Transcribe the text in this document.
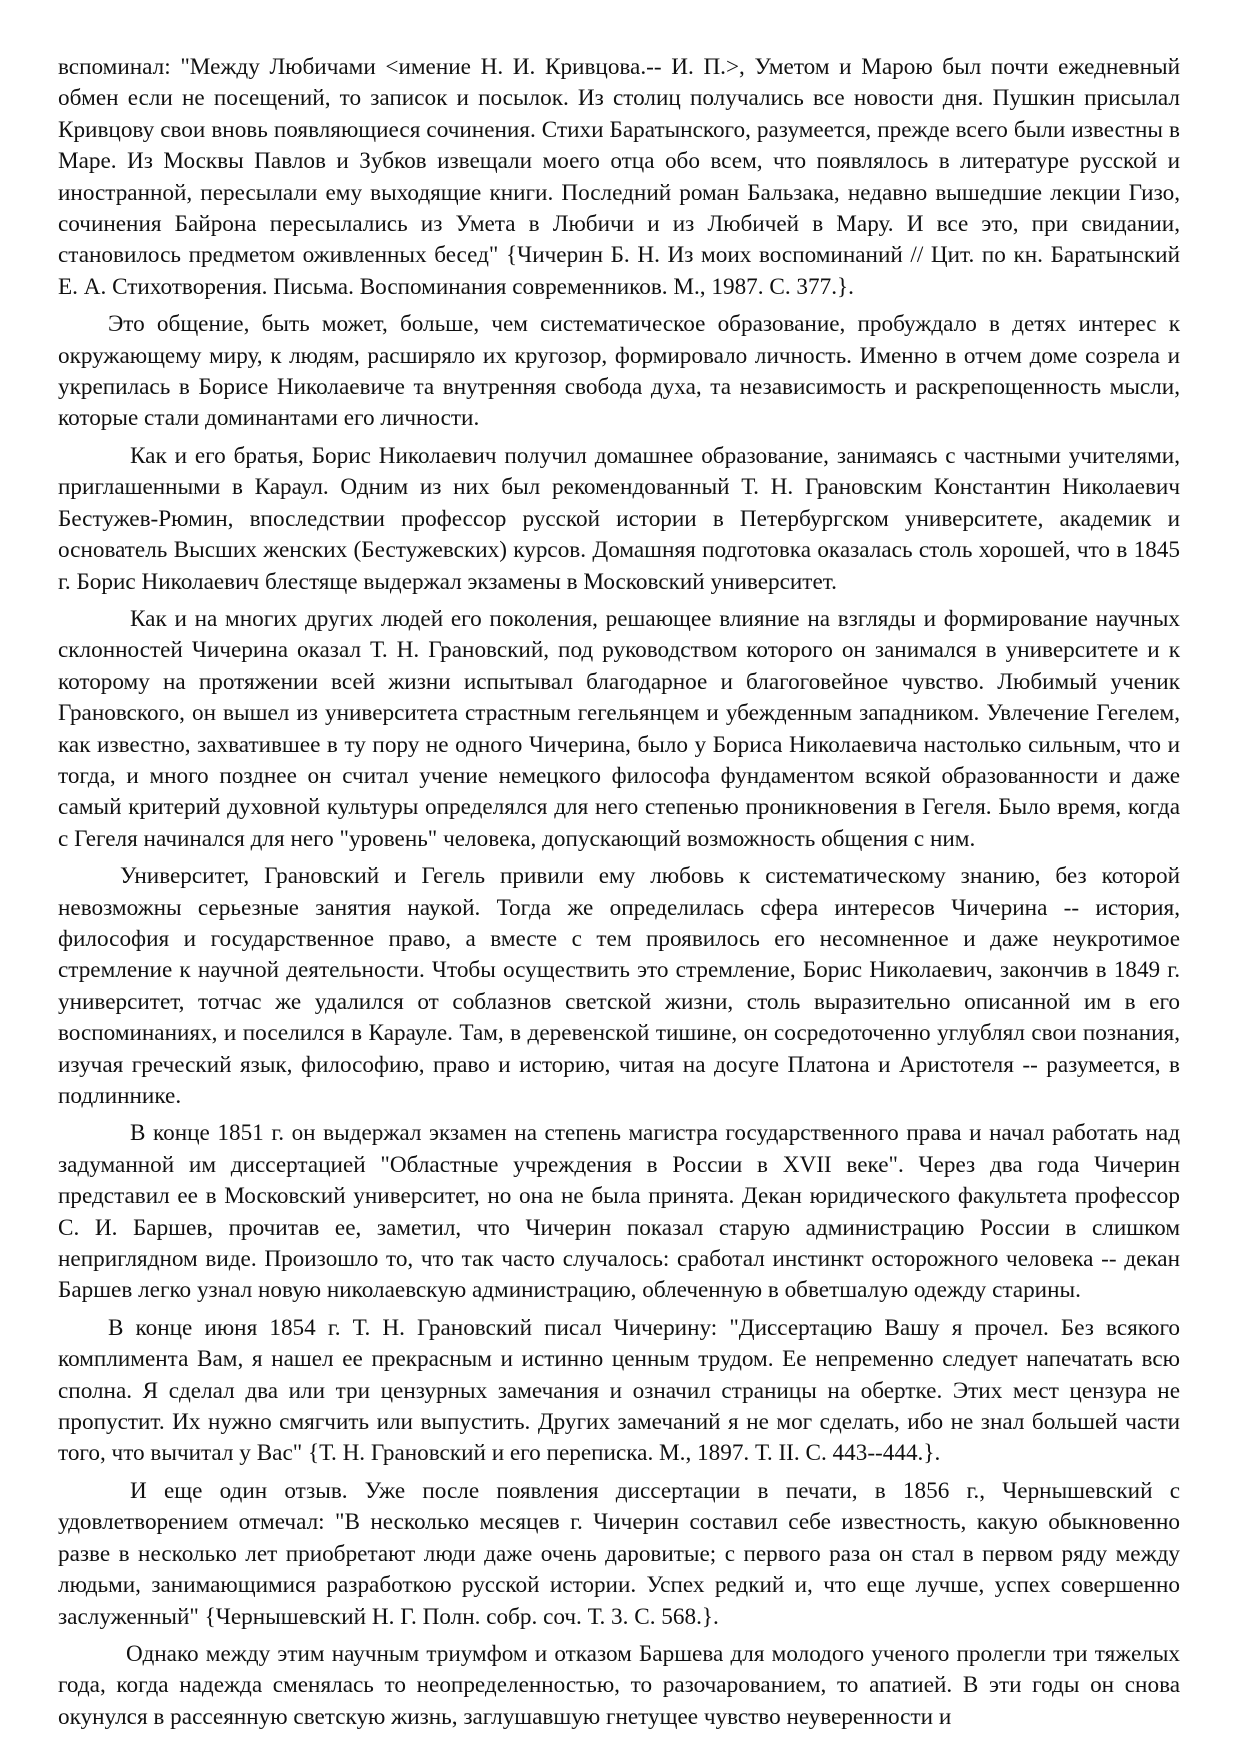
вспоминал: "Между Любичами <имение Н. И. Кривцова.-- И. П.>, Уметом и Марою был почти ежедневный обмен если не посещений, то записок и посылок. Из столиц получались все новости дня. Пушкин присылал Кривцову свои вновь появляющиеся сочинения. Стихи Баратынского, разумеется, прежде всего были известны в Маре. Из Москвы Павлов и Зубков извещали моего отца обо всем, что появлялось в литературе русской и иностранной, пересылали ему выходящие книги. Последний роман Бальзака, недавно вышедшие лекции Гизо, сочинения Байрона пересылались из Умета в Любичи и из Любичей в Мару. И все это, при свидании, становилось предметом оживленных бесед" {Чичерин Б. Н. Из моих воспоминаний // Цит. по кн. Баратынский Е. А. Стихотворения. Письма. Воспоминания современников. М., 1987. С. 377.}.

Это общение, быть может, больше, чем систематическое образование, пробуждало в детях интерес к окружающему миру, к людям, расширяло их кругозор, формировало личность. Именно в отчем доме созрела и укрепилась в Борисе Николаевиче та внутренняя свобода духа, та независимость и раскрепощенность мысли, которые стали доминантами его личности.

Как и его братья, Борис Николаевич получил домашнее образование, занимаясь с частными учителями, приглашенными в Караул. Одним из них был рекомендованный Т. Н. Грановским Константин Николаевич Бестужев-Рюмин, впоследствии профессор русской истории в Петербургском университете, академик и основатель Высших женских (Бестужевских) курсов. Домашняя подготовка оказалась столь хорошей, что в 1845 г. Борис Николаевич блестяще выдержал экзамены в Московский университет.

Как и на многих других людей его поколения, решающее влияние на взгляды и формирование научных склонностей Чичерина оказал Т. Н. Грановский, под руководством которого он занимался в университете и к которому на протяжении всей жизни испытывал благодарное и благоговейное чувство. Любимый ученик Грановского, он вышел из университета страстным гегельянцем и убежденным западником. Увлечение Гегелем, как известно, захватившее в ту пору не одного Чичерина, было у Бориса Николаевича настолько сильным, что и тогда, и много позднее он считал учение немецкого философа фундаментом всякой образованности и даже самый критерий духовной культуры определялся для него степенью проникновения в Гегеля. Было время, когда с Гегеля начинался для него "уровень" человека, допускающий возможность общения с ним.

Университет, Грановский и Гегель привили ему любовь к систематическому знанию, без которой невозможны серьезные занятия наукой. Тогда же определилась сфера интересов Чичерина -- история, философия и государственное право, а вместе с тем проявилось его несомненное и даже неукротимое стремление к научной деятельности. Чтобы осуществить это стремление, Борис Николаевич, закончив в 1849 г. университет, тотчас же удалился от соблазнов светской жизни, столь выразительно описанной им в его воспоминаниях, и поселился в Карауле. Там, в деревенской тишине, он сосредоточенно углублял свои познания, изучая греческий язык, философию, право и историю, читая на досуге Платона и Аристотеля -- разумеется, в подлиннике.

В конце 1851 г. он выдержал экзамен на степень магистра государственного права и начал работать над задуманной им диссертацией "Областные учреждения в России в XVII веке". Через два года Чичерин представил ее в Московский университет, но она не была принята. Декан юридического факультета профессор С. И. Баршев, прочитав ее, заметил, что Чичерин показал старую администрацию России в слишком неприглядном виде. Произошло то, что так часто случалось: сработал инстинкт осторожного человека -- декан Баршев легко узнал новую николаевскую администрацию, облеченную в обветшалую одежду старины.

В конце июня 1854 г. Т. Н. Грановский писал Чичерину: "Диссертацию Вашу я прочел. Без всякого комплимента Вам, я нашел ее прекрасным и истинно ценным трудом. Ее непременно следует напечатать всю сполна. Я сделал два или три цензурных замечания и означил страницы на обертке. Этих мест цензура не пропустит. Их нужно смягчить или выпустить. Других замечаний я не мог сделать, ибо не знал большей части того, что вычитал у Вас" {Т. Н. Грановский и его переписка. М., 1897. Т. II. С. 443--444.}.

И еще один отзыв. Уже после появления диссертации в печати, в 1856 г., Чернышевский с удовлетворением отмечал: "В несколько месяцев г. Чичерин составил себе известность, какую обыкновенно разве в несколько лет приобретают люди даже очень даровитые; с первого раза он стал в первом ряду между людьми, занимающимися разработкою русской истории. Успех редкий и, что еще лучше, успех совершенно заслуженный" {Чернышевский Н. Г. Полн. собр. соч. Т. 3. С. 568.}.

Однако между этим научным триумфом и отказом Баршева для молодого ученого пролегли три тяжелых года, когда надежда сменялась то неопределенностью, то разочарованием, то апатией. В эти годы он снова окунулся в рассеянную светскую жизнь, заглушавшую гнетущее чувство неуверенности и
